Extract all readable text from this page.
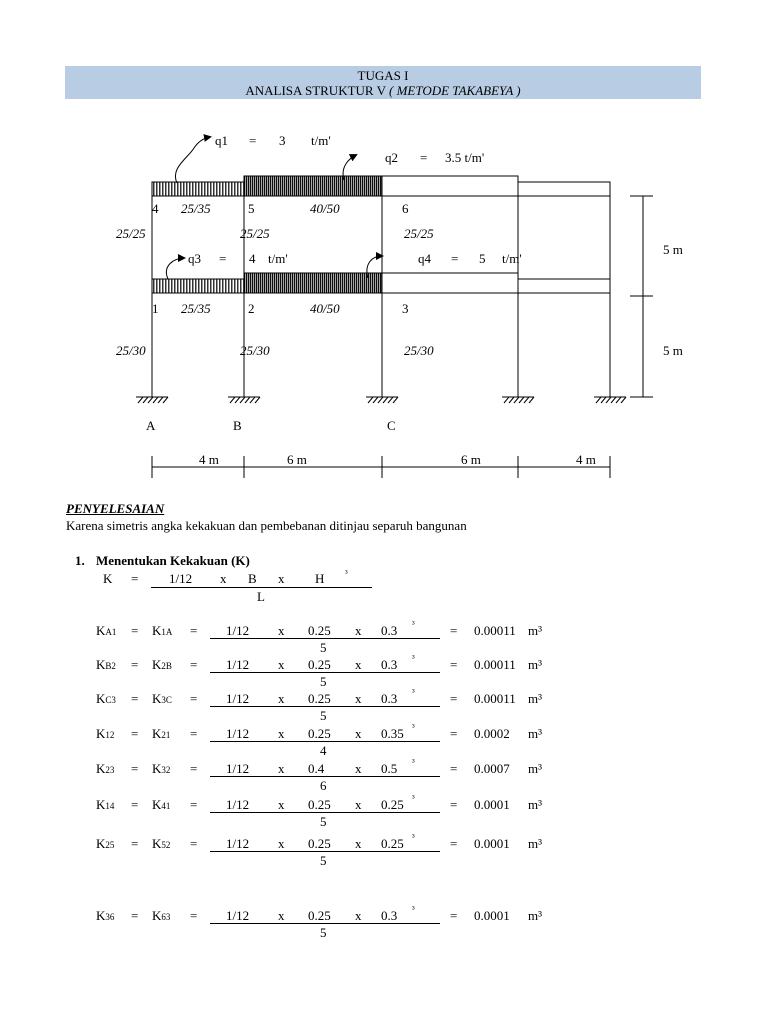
TUGAS I
ANALISA STRUKTUR V ( METODE TAKABEYA )
q1 = 3 t/m'
q2 = 3.5 t/m'
q3 = 4 t/m'	q4 = 5 t/m'
4 25/35	5	40/50	6
25/25	25/25	25/25
1 25/35	2	40/50	3
25/30	25/30	25/30
A	B	C
5 m
5 m
4 m	6 m	6 m	4 m
PENYELESAIAN
Karena simetris angka kekakuan dan pembebanan ditinjau separuh bangunan
1. Menentukan Kekakuan (K)
K = 1/12 x B x H ³
L
KA1 = K1A = 1/12 x 0.25 x 0.3 ³	= 0.00011 m³
5
KB2 = K2B = 1/12 x 0.25 x 0.3 ³	= 0.00011 m³
5
KC3 = K3C = 1/12 x 0.25 x 0.3 ³	= 0.00011 m³
5
K12 = K21 = 1/12 x 0.25 x 0.35 ³	= 0.0002 m³
4
K23 = K32 = 1/12 x 0.4 x 0.5 ³	= 0.0007 m³
6
K14 = K41 = 1/12 x 0.25 x 0.25 ³	= 0.0001 m³
5
K25 = K52 = 1/12 x 0.25 x 0.25 ³	= 0.0001 m³
5
K36 = K63 = 1/12 x 0.25 x 0.3 ³	= 0.0001 m³
5
